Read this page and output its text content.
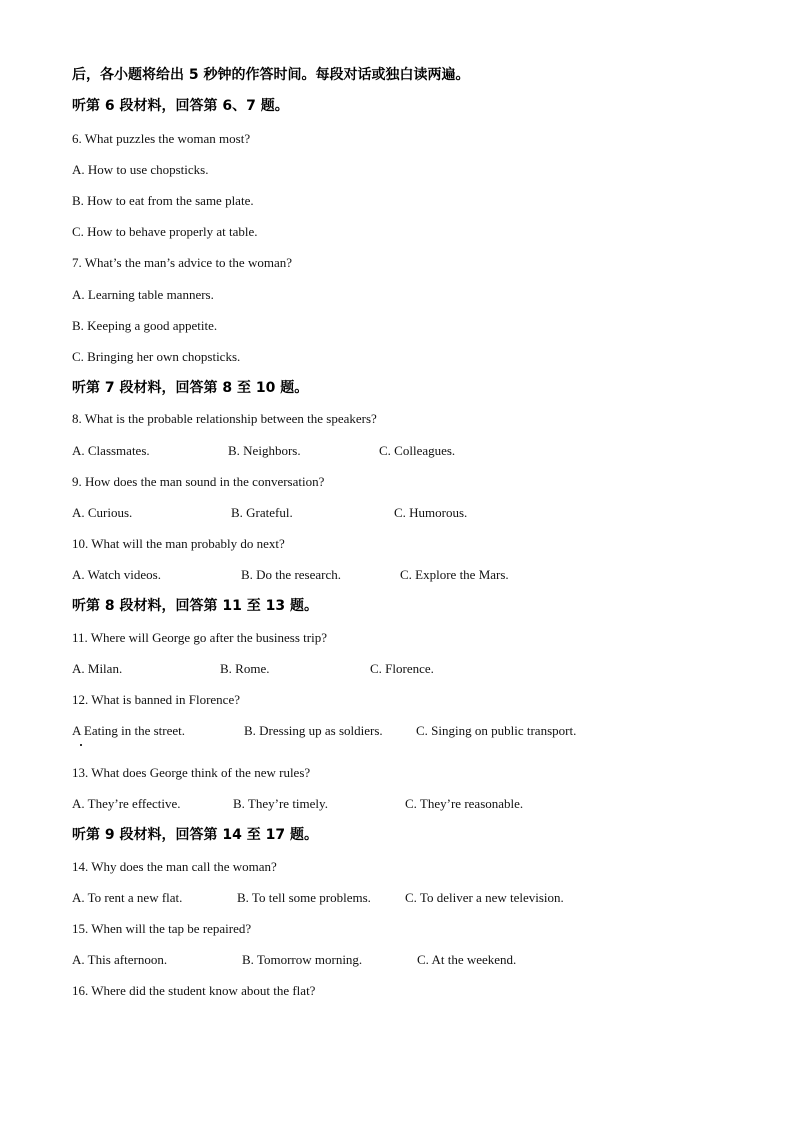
后，各小题将给出 5 秒钟的作答时间。每段对话或独白读两遍。
听第 6 段材料，回答第 6、7 题。
6. What puzzles the woman most?
A. How to use chopsticks.
B. How to eat from the same plate.
C. How to behave properly at table.
7. What’s the man’s advice to the woman?
A. Learning table manners.
B. Keeping a good appetite.
C. Bringing her own chopsticks.
听第 7 段材料，回答第 8 至 10 题。
8. What is the probable relationship between the speakers?
A. Classmates.	B. Neighbors.	C. Colleagues.
9. How does the man sound in the conversation?
A. Curious.	B. Grateful.	C. Humorous.
10. What will the man probably do next?
A. Watch videos.	B. Do the research.	C. Explore the Mars.
听第 8 段材料，回答第 11 至 13 题。
11. Where will George go after the business trip?
A. Milan.	B. Rome.	C. Florence.
12. What is banned in Florence?
A Eating in the street.	B. Dressing up as soldiers.	C. Singing on public transport.
13. What does George think of the new rules?
A. They’re effective.	B. They’re timely.	C. They’re reasonable.
听第 9 段材料，回答第 14 至 17 题。
14. Why does the man call the woman?
A. To rent a new flat.	B. To tell some problems.	C. To deliver a new television.
15. When will the tap be repaired?
A. This afternoon.	B. Tomorrow morning.	C. At the weekend.
16. Where did the student know about the flat?
